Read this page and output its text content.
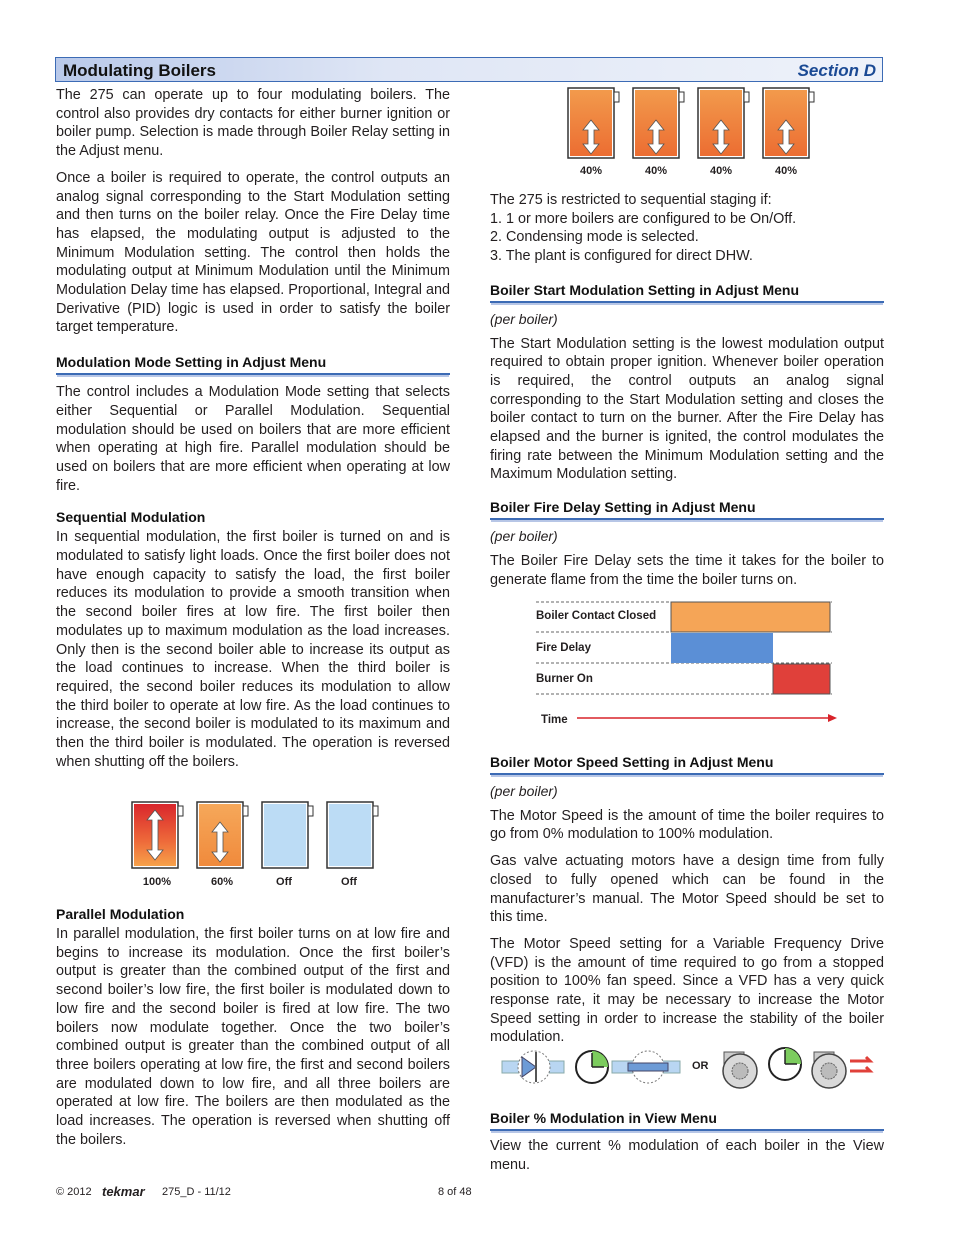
Modulating Boilers	Section D

The 275 can operate up to four modulating boilers. The control also provides dry contacts for either burner ignition or boiler pump. Selection is made through Boiler Relay setting in the Adjust menu.

Once a boiler is required to operate, the control outputs an analog signal corresponding to the Start Modulation setting and then turns on the boiler relay. Once the Fire Delay time has elapsed, the modulating output is adjusted to the Minimum Modulation setting. The control then holds the modulating output at Minimum Modulation until the Minimum Modulation Delay time has elapsed. Proportional, Integral and Derivative (PID) logic is used in order to satisfy the boiler target temperature.

Modulation Mode Setting in Adjust Menu

The control includes a Modulation Mode setting that selects either Sequential or Parallel Modulation. Sequential modulation should be used on boilers that are more efficient when operating at high fire. Parallel modulation should be used on boilers that are more efficient when operating at low fire.

Sequential Modulation

In sequential modulation, the first boiler is turned on and is modulated to satisfy light loads. Once the first boiler does not have enough capacity to satisfy the load, the first boiler reduces its modulation to provide a smooth transition when the second boiler fires at low fire. The first boiler then modulates up to maximum modulation as the load increases. Only then is the second boiler able to increase its output as the load continues to increase. When the third boiler is required, the second boiler reduces its modulation to allow the third boiler to operate at low fire. As the load continues to increase, the second boiler is modulated to its maximum and then the third boiler is modulated. The operation is reversed when shutting off the boilers.

100%	60%	Off	Off
Parallel Modulation

In parallel modulation, the first boiler turns on at low fire and begins to increase its modulation. Once the first boiler’s output is greater than the combined output of the first and second boiler’s low fire, the first boiler is modulated down to low fire and the second boiler is fired at low fire. The two boilers now modulate together. Once the two boiler’s combined output is greater than the combined output of all three boilers operating at low fire, the first and second boilers are modulated down to low fire, and all three boilers are operated at low fire. The boilers are then modulated as the load increases. The operation is reversed when shutting off the boilers.

40%	40%	40%	40%

The 275 is restricted to sequential staging if:

1. 1 or more boilers are configured to be On/Off.

2. Condensing mode is selected.

3. The plant is configured for direct DHW.

Boiler Start Modulation Setting in Adjust Menu

(per boiler)

The Start Modulation setting is the lowest modulation output required to obtain proper ignition. Whenever boiler operation is required, the control outputs an analog signal corresponding to the Start Modulation setting and closes the boiler contact to turn on the burner. After the Fire Delay has elapsed and the burner is ignited, the control modulates the firing rate between the Minimum Modulation setting and the Maximum Modulation setting.

Boiler Fire Delay Setting in Adjust Menu

(per boiler)

The Boiler Fire Delay sets the time it takes for the boiler to generate flame from the time the boiler turns on.

Boiler Contact Closed
Fire Delay
Burner On
Time
Boiler Motor Speed Setting in Adjust Menu

(per boiler)

The Motor Speed is the amount of time the boiler requires to go from 0% modulation to 100% modulation.

Gas valve actuating motors have a design time from fully closed to fully opened which can be found in the manufacturer’s manual. The Motor Speed should be set to this time.

The Motor Speed setting for a Variable Frequency Drive (VFD) is the amount of time required to go from a stopped position to 100% fan speed. Since a VFD has a very quick response rate, it may be necessary to increase the Motor Speed setting in order to increase the stability of the boiler modulation.

OR
Boiler % Modulation in View Menu

View the current % modulation of each boiler in the View menu.

© 2012 tekmar 275_D - 11/12	8 of 48
